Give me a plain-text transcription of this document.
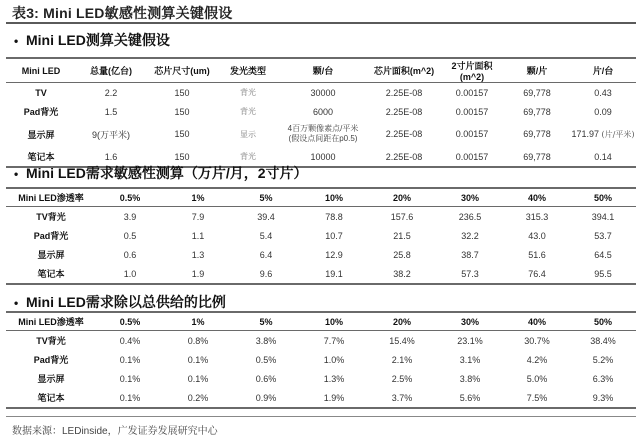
表3: Mini LED敏感性测算关键假设
• Mini LED测算关键假设
Mini LED	总量(亿台)	芯片尺寸(um)	发光类型	颗/台	芯片面积(m^2)	2寸片面积(m^2)	颗/片	片/台
TV	2.2	150	背光	30000	2.25E-08	0.00157	69,778	0.43
Pad背光	1.5	150	背光	6000	2.25E-08	0.00157	69,778	0.09
显示屏	9(万平米)	150	显示	4百万颗像素点/平米
(假设点间距在p0.5)	2.25E-08	0.00157	69,778	171.97 (片/平米)
笔记本	1.6	150	背光	10000	2.25E-08	0.00157	69,778	0.14
• Mini LED需求敏感性测算（万片/月，2寸片）
Mini LED渗透率	0.5%	1%	5%	10%	20%	30%	40%	50%
TV背光	3.9	7.9	39.4	78.8	157.6	236.5	315.3	394.1
Pad背光	0.5	1.1	5.4	10.7	21.5	32.2	43.0	53.7
显示屏	0.6	1.3	6.4	12.9	25.8	38.7	51.6	64.5
笔记本	1.0	1.9	9.6	19.1	38.2	57.3	76.4	95.5
• Mini LED需求除以总供给的比例
Mini LED渗透率	0.5%	1%	5%	10%	20%	30%	40%	50%
TV背光	0.4%	0.8%	3.8%	7.7%	15.4%	23.1%	30.7%	38.4%
Pad背光	0.1%	0.1%	0.5%	1.0%	2.1%	3.1%	4.2%	5.2%
显示屏	0.1%	0.1%	0.6%	1.3%	2.5%	3.8%	5.0%	6.3%
笔记本	0.1%	0.2%	0.9%	1.9%	3.7%	5.6%	7.5%	9.3%
数据来源：LEDinside，广发证券发展研究中心
